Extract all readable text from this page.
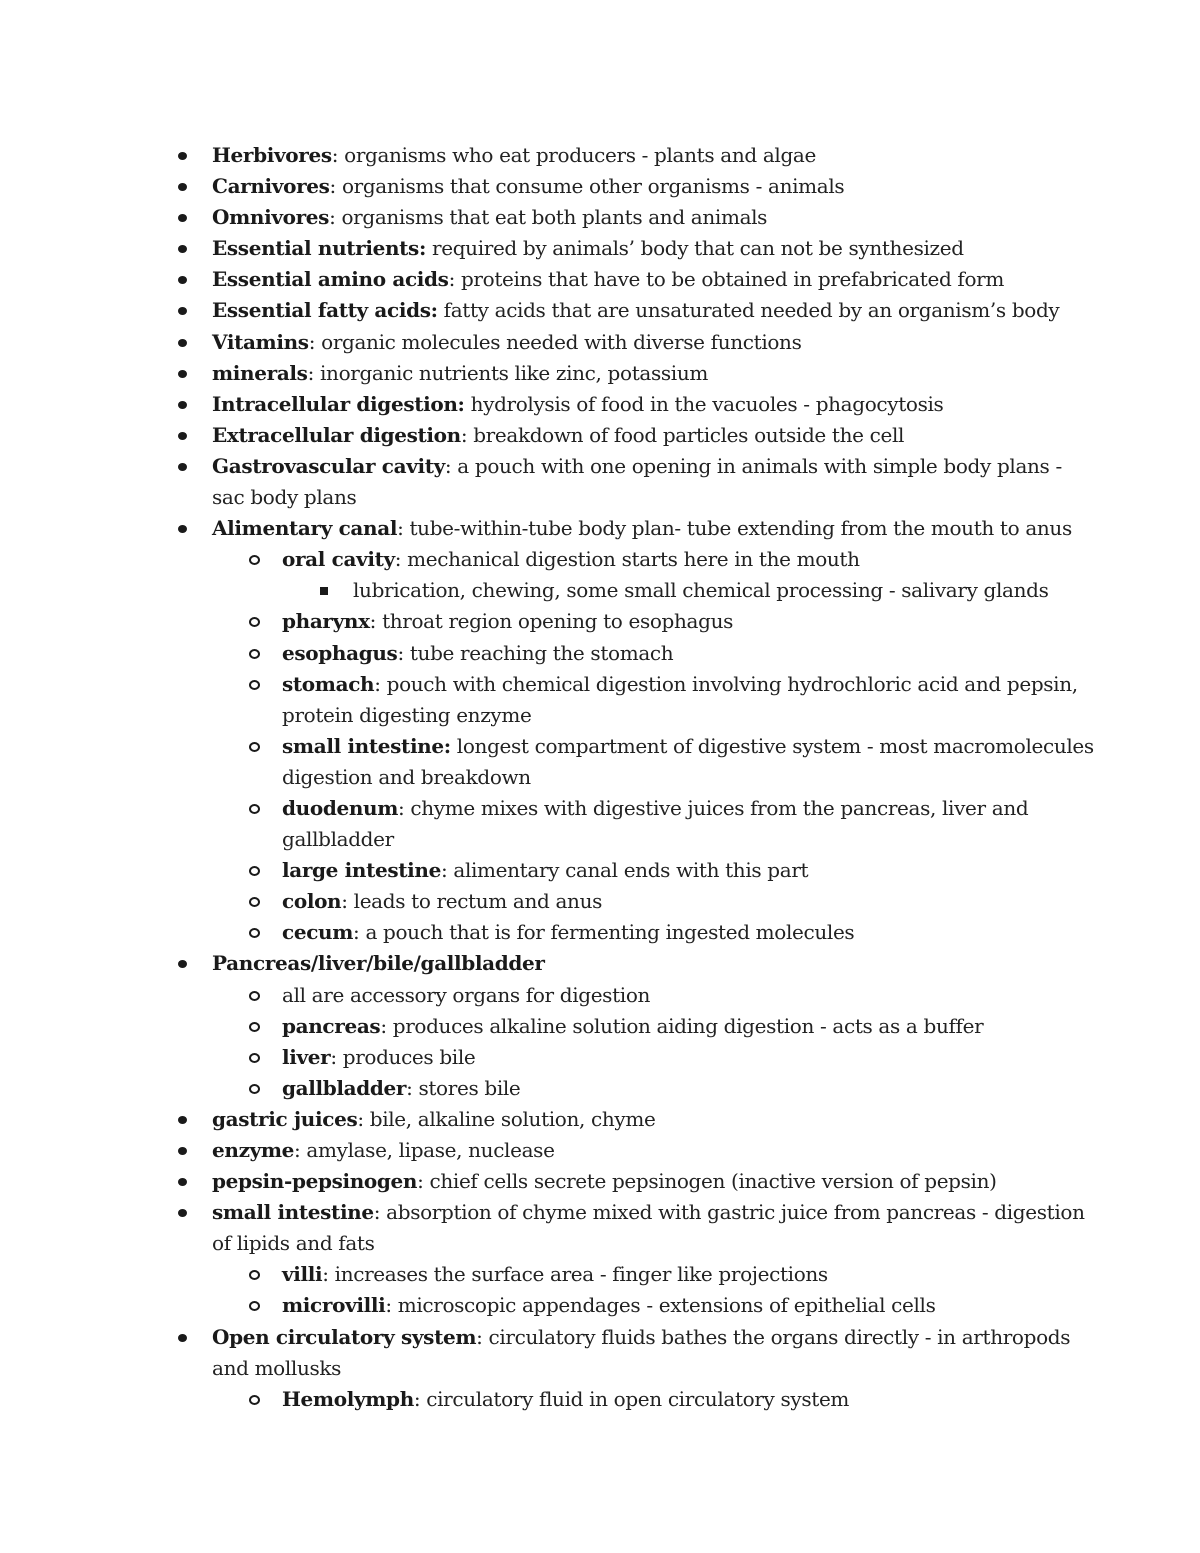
Herbivores: organisms who eat producers - plants and algae
Carnivores: organisms that consume other organisms - animals
Omnivores: organisms that eat both plants and animals
Essential nutrients: required by animals’ body that can not be synthesized
Essential amino acids: proteins that have to be obtained in prefabricated form
Essential fatty acids: fatty acids that are unsaturated needed by an organism’s body
Vitamins: organic molecules needed with diverse functions
minerals: inorganic nutrients like zinc, potassium
Intracellular digestion: hydrolysis of food in the vacuoles - phagocytosis
Extracellular digestion: breakdown of food particles outside the cell
Gastrovascular cavity: a pouch with one opening in animals with simple body plans -
sac body plans
Alimentary canal: tube-within-tube body plan- tube extending from the mouth to anus
oral cavity: mechanical digestion starts here in the mouth
lubrication, chewing, some small chemical processing - salivary glands
pharynx: throat region opening to esophagus
esophagus: tube reaching the stomach
stomach: pouch with chemical digestion involving hydrochloric acid and pepsin,
protein digesting enzyme
small intestine: longest compartment of digestive system - most macromolecules
digestion and breakdown
duodenum: chyme mixes with digestive juices from the pancreas, liver and
gallbladder
large intestine: alimentary canal ends with this part
colon: leads to rectum and anus
cecum: a pouch that is for fermenting ingested molecules
Pancreas/liver/bile/gallbladder
all are accessory organs for digestion
pancreas: produces alkaline solution aiding digestion - acts as a buffer
liver: produces bile
gallbladder: stores bile
gastric juices: bile, alkaline solution, chyme
enzyme: amylase, lipase, nuclease
pepsin-pepsinogen: chief cells secrete pepsinogen (inactive version of pepsin)
small intestine: absorption of chyme mixed with gastric juice from pancreas - digestion
of lipids and fats
villi: increases the surface area - finger like projections
microvilli: microscopic appendages - extensions of epithelial cells
Open circulatory system: circulatory fluids bathes the organs directly - in arthropods
and mollusks
Hemolymph: circulatory fluid in open circulatory system
